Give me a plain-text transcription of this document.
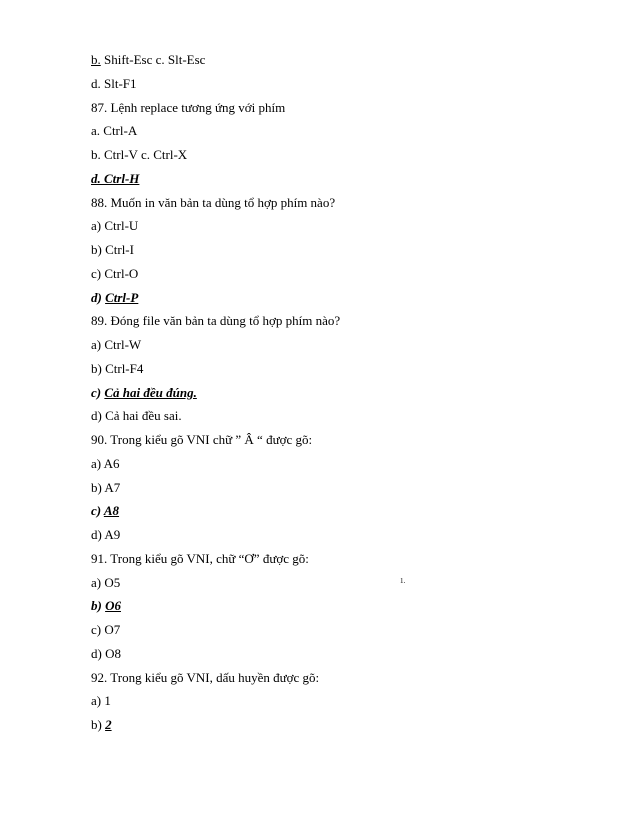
b. Shift-Esc c. Slt-Esc
d. Slt-F1
87. Lệnh replace tương ứng với phím
a. Ctrl-A
b. Ctrl-V c. Ctrl-X
d. Ctrl-H
88. Muốn in văn bản ta dùng tổ hợp phím nào?
a) Ctrl-U
b) Ctrl-I
c) Ctrl-O
d) Ctrl-P
89. Đóng file văn bản ta dùng tổ hợp phím nào?
a) Ctrl-W
b) Ctrl-F4
c) Cả hai đều đúng.
d) Cả hai đều sai.
90. Trong kiểu gõ VNI chữ ” Â “ được gõ:
a) A6
b) A7
c) A8
d) A9
91. Trong kiểu gõ VNI, chữ “Ơ” được gõ:
a) O5
b) O6
c) O7
d) O8
92. Trong kiểu gõ VNI, dấu huyền được gõ:
a) 1
b) 2
1.
